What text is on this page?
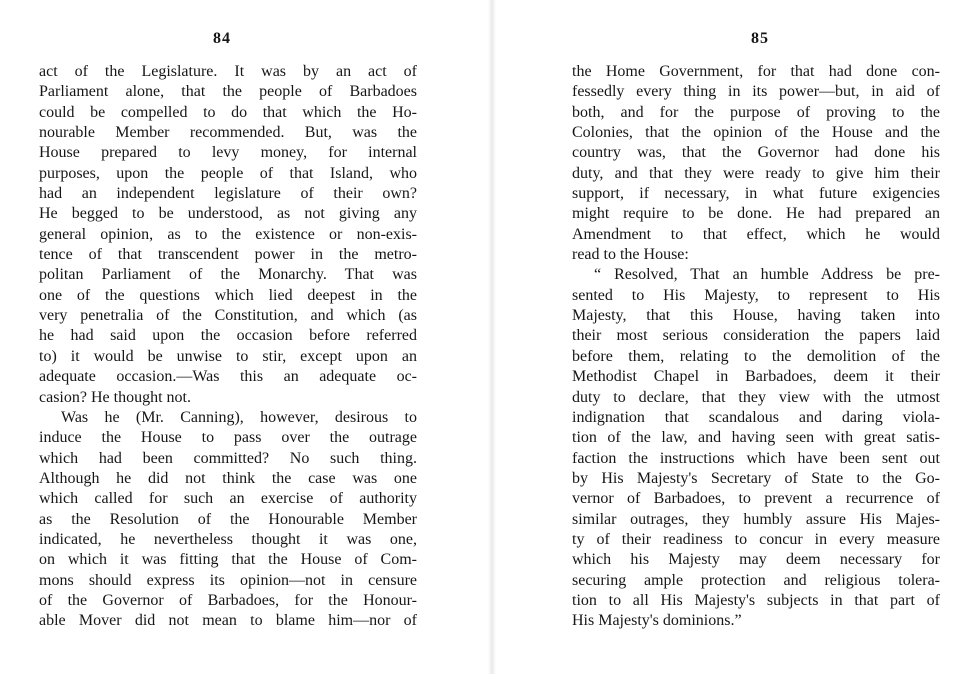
84	85
act of the Legislature. It was by an act of
Parliament alone, that the people of Barbadoes
could be compelled to do that which the Ho-
nourable Member recommended. But, was the
House prepared to levy money, for internal
purposes, upon the people of that Island, who
had an independent legislature of their own?
He begged to be understood, as not giving any
general opinion, as to the existence or non-exis-
tence of that transcendent power in the metro-
politan Parliament of the Monarchy. That was
one of the questions which lied deepest in the
very penetralia of the Constitution, and which (as
he had said upon the occasion before referred
to) it would be unwise to stir, except upon an
adequate occasion.—Was this an adequate oc-
casion? He thought not.
Was he (Mr. Canning), however, desirous to
induce the House to pass over the outrage
which had been committed? No such thing.
Although he did not think the case was one
which called for such an exercise of authority
as the Resolution of the Honourable Member
indicated, he nevertheless thought it was one,
on which it was fitting that the House of Com-
mons should express its opinion—not in censure
of the Governor of Barbadoes, for the Honour-
able Mover did not mean to blame him—nor of
the Home Government, for that had done con-
fessedly every thing in its power—but, in aid of
both, and for the purpose of proving to the
Colonies, that the opinion of the House and the
country was, that the Governor had done his
duty, and that they were ready to give him their
support, if necessary, in what future exigencies
might require to be done. He had prepared an
Amendment to that effect, which he would
read to the House:
“ Resolved, That an humble Address be pre-
sented to His Majesty, to represent to His
Majesty, that this House, having taken into
their most serious consideration the papers laid
before them, relating to the demolition of the
Methodist Chapel in Barbadoes, deem it their
duty to declare, that they view with the utmost
indignation that scandalous and daring viola-
tion of the law, and having seen with great satis-
faction the instructions which have been sent out
by His Majesty's Secretary of State to the Go-
vernor of Barbadoes, to prevent a recurrence of
similar outrages, they humbly assure His Majes-
ty of their readiness to concur in every measure
which his Majesty may deem necessary for
securing ample protection and religious tolera-
tion to all His Majesty's subjects in that part of
His Majesty's dominions.”
